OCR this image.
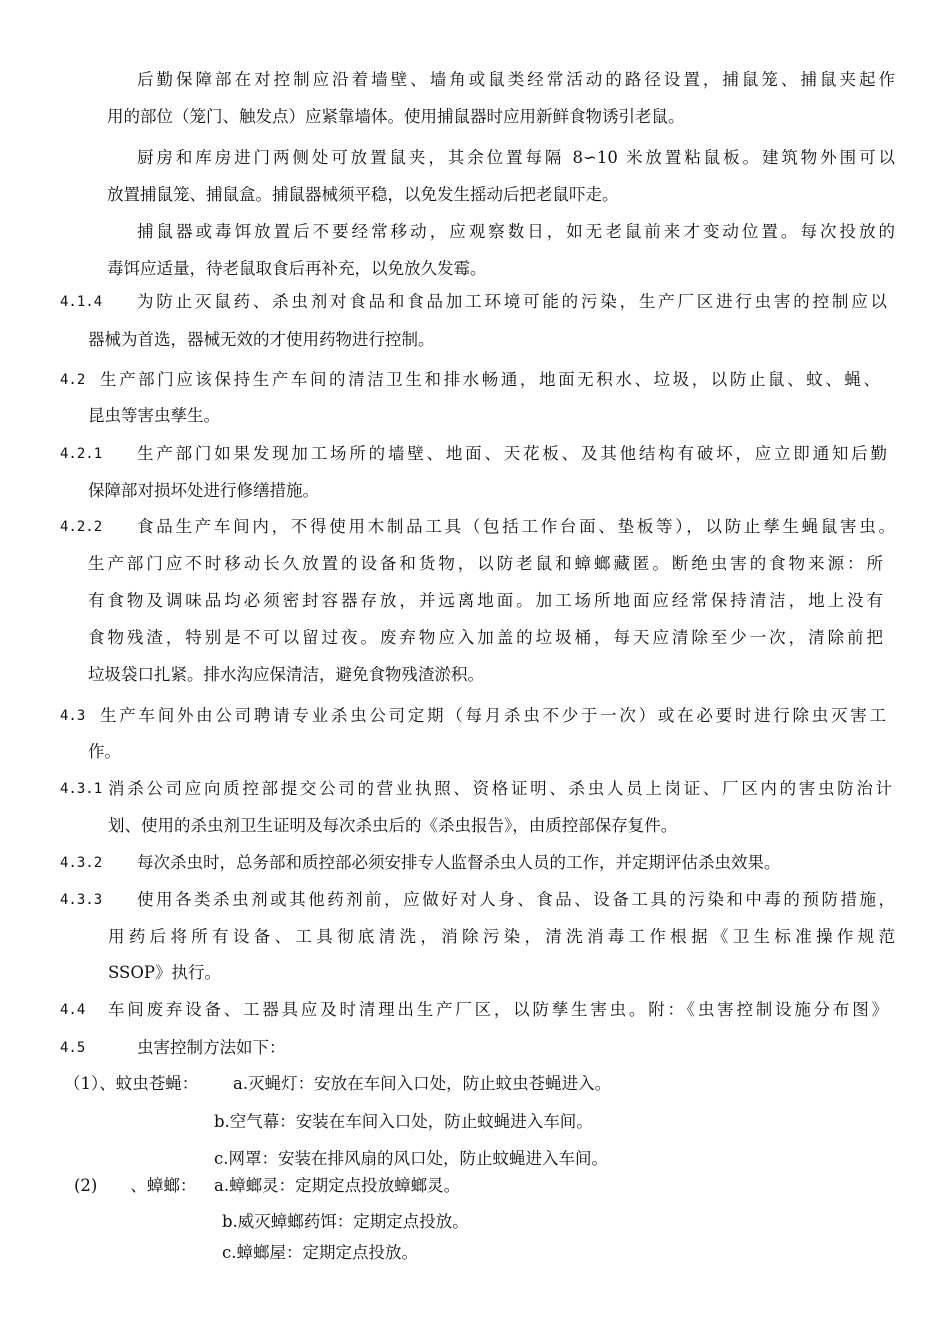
后勤保障部在对控制应沿着墙壁、墙角或鼠类经常活动的路径设置，捕鼠笼、捕鼠夹起作
用的部位（笼门、触发点）应紧靠墙体。使用捕鼠器时应用新鲜食物诱引老鼠。
厨房和库房进门两侧处可放置鼠夹，其余位置每隔 8∽10 米放置粘鼠板。建筑物外围可以
放置捕鼠笼、捕鼠盒。捕鼠器械须平稳，以免发生摇动后把老鼠吓走。
捕鼠器或毒饵放置后不要经常移动，应观察数日，如无老鼠前来才变动位置。每次投放的
毒饵应适量，待老鼠取食后再补充，以免放久发霉。
4.1.4 为防止灭鼠药、杀虫剂对食品和食品加工环境可能的污染，生产厂区进行虫害的控制应以
器械为首选，器械无效的才使用药物进行控制。
4.2 生产部门应该保持生产车间的清洁卫生和排水畅通，地面无积水、垃圾，以防止鼠、蚊、蝇、
昆虫等害虫孳生。
4.2.1 生产部门如果发现加工场所的墙壁、地面、天花板、及其他结构有破坏，应立即通知后勤
保障部对损坏处进行修缮措施。
4.2.2 食品生产车间内，不得使用木制品工具（包括工作台面、垫板等），以防止孳生蝇鼠害虫。
生产部门应不时移动长久放置的设备和货物，以防老鼠和蟑螂藏匿。断绝虫害的食物来源：所
有食物及调味品均必须密封容器存放，并远离地面。加工场所地面应经常保持清洁，地上没有
食物残渣，特别是不可以留过夜。废弃物应入加盖的垃圾桶，每天应清除至少一次，清除前把
垃圾袋口扎紧。排水沟应保清洁，避免食物残渣淤积。
4.3 生产车间外由公司聘请专业杀虫公司定期（每月杀虫不少于一次）或在必要时进行除虫灭害工
作。
4.3.1 消杀公司应向质控部提交公司的营业执照、资格证明、杀虫人员上岗证、厂区内的害虫防治计
划、使用的杀虫剂卫生证明及每次杀虫后的《杀虫报告》，由质控部保存复件。
4.3.2 每次杀虫时，总务部和质控部必须安排专人监督杀虫人员的工作，并定期评估杀虫效果。
4.3.3 使用各类杀虫剂或其他药剂前，应做好对人身、食品、设备工具的污染和中毒的预防措施，
用药后将所有设备、工具彻底清洗，消除污染，清洗消毒工作根据《卫生标准操作规范
SSOP》执行。
4.4 车间废弃设备、工器具应及时清理出生产厂区，以防孳生害虫。附：《虫害控制设施分布图》
4.5	虫害控制方法如下：
（1）、蚊虫苍蝇： a.灭蝇灯：安放在车间入口处，防止蚊虫苍蝇进入。
b.空气幕：安装在车间入口处，防止蚊蝇进入车间。
c.网罩：安装在排风扇的风口处，防止蚊蝇进入车间。
(2)　　、蟑螂： a.蟑螂灵：定期定点投放蟑螂灵。
b.威灭蟑螂药饵：定期定点投放。
c.蟑螂屋：定期定点投放。
